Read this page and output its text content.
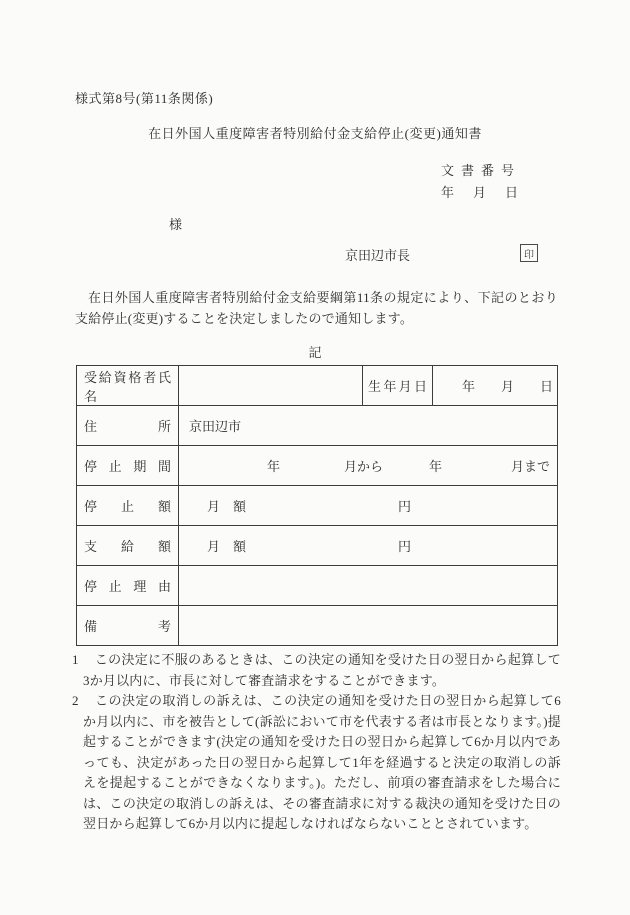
様式第8号(第11条関係)
在日外国人重度障害者特別給付金支給停止(変更)通知書
文書番号
年　月　日
様
京田辺市長	印
在日外国人重度障害者特別給付金支給要綱第11条の規定により、下記のとおり支給停止(変更)することを決定しましたので通知します。
記
受給資格者氏名		生年月日	年　　月　　日
住所	京田辺市		

停止期間	年 月から 年 月まで		

停止額	月　額 円		

支給額	月　額 円		

停止理由			
備考			

1 この決定に不服のあるときは、この決定の通知を受けた日の翌日から起算して3か月以内に、市長に対して審査請求をすることができます。

2 この決定の取消しの訴えは、この決定の通知を受けた日の翌日から起算して6か月以内に、市を被告として(訴訟において市を代表する者は市長となります。)提起することができます(決定の通知を受けた日の翌日から起算して6か月以内であっても、決定があった日の翌日から起算して1年を経過すると決定の取消しの訴えを提起することができなくなります。)。ただし、前項の審査請求をした場合には、この決定の取消しの訴えは、その審査請求に対する裁決の通知を受けた日の翌日から起算して6か月以内に提起しなければならないこととされています。
